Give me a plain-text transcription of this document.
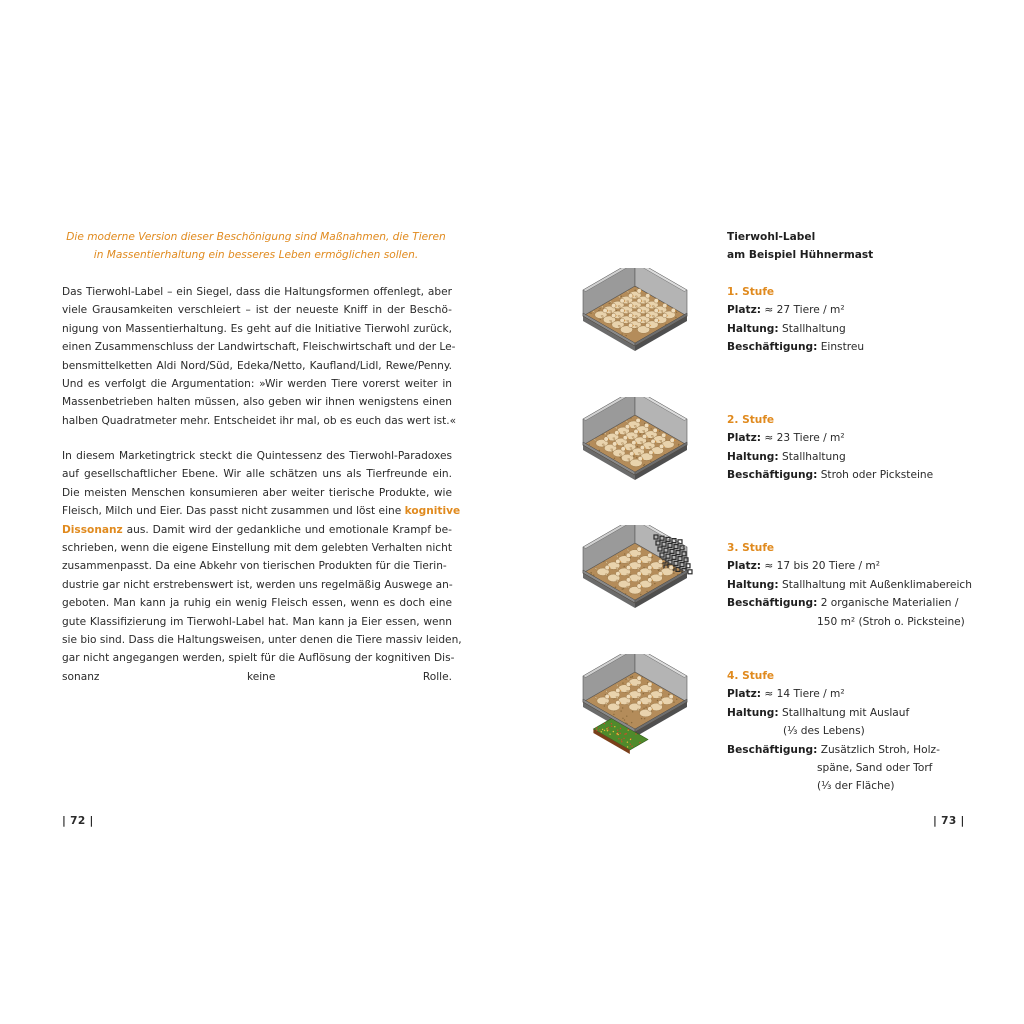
Die moderne Version dieser Beschönigung sind Maßnahmen, die Tieren
in Massentierhaltung ein besseres Leben ermöglichen sollen.
Das Tierwohl-Label – ein Siegel, dass die Haltungsformen offenlegt, aber
viele Grausamkeiten verschleiert – ist der neueste Kniff in der Beschö-
nigung von Massentierhaltung. Es geht auf die Initiative Tierwohl zurück,
einen Zusammenschluss der Landwirtschaft, Fleischwirtschaft und der Le-
bensmittelketten Aldi Nord/Süd, Edeka/Netto, Kaufland/Lidl, Rewe/Penny.
Und es verfolgt die Argumentation: »Wir werden Tiere vorerst weiter in
Massenbetrieben halten müssen, also geben wir ihnen wenigstens einen
halben Quadratmeter mehr. Entscheidet ihr mal, ob es euch das wert ist.«
In diesem Marketingtrick steckt die Quintessenz des Tierwohl-Paradoxes
auf gesellschaftlicher Ebene. Wir alle schätzen uns als Tierfreunde ein.
Die meisten Menschen konsumieren aber weiter tierische Produkte, wie
Fleisch, Milch und Eier. Das passt nicht zusammen und löst eine kognitive
Dissonanz aus. Damit wird der gedankliche und emotionale Krampf be-
schrieben, wenn die eigene Einstellung mit dem gelebten Verhalten nicht
zusammenpasst. Da eine Abkehr von tierischen Produkten für die Tierin-
dustrie gar nicht erstrebenswert ist, werden uns regelmäßig Auswege an-
geboten. Man kann ja ruhig ein wenig Fleisch essen, wenn es doch eine
gute Klassifizierung im Tierwohl-Label hat. Man kann ja Eier essen, wenn
sie bio sind. Dass die Haltungsweisen, unter denen die Tiere massiv leiden,
gar nicht angegangen werden, spielt für die Auflösung der kognitiven Dis-
sonanz keine Rolle.
| 72 |
Tierwohl-Label
am Beispiel Hühnermast
1. Stufe
Platz: ≈ 27 Tiere / m²
Haltung: Stallhaltung
Beschäftigung: Einstreu
2. Stufe
Platz: ≈ 23 Tiere / m²
Haltung: Stallhaltung
Beschäftigung: Stroh oder Picksteine
3. Stufe
Platz: ≈ 17 bis 20 Tiere / m²
Haltung: Stallhaltung mit Außenklimabereich
Beschäftigung: 2 organische Materialien /
150 m² (Stroh o. Picksteine)
4. Stufe
Platz: ≈ 14 Tiere / m²
Haltung: Stallhaltung mit Auslauf
(⅓ des Lebens)
Beschäftigung: Zusätzlich Stroh, Holz-
späne, Sand oder Torf
(⅓ der Fläche)
| 73 |
